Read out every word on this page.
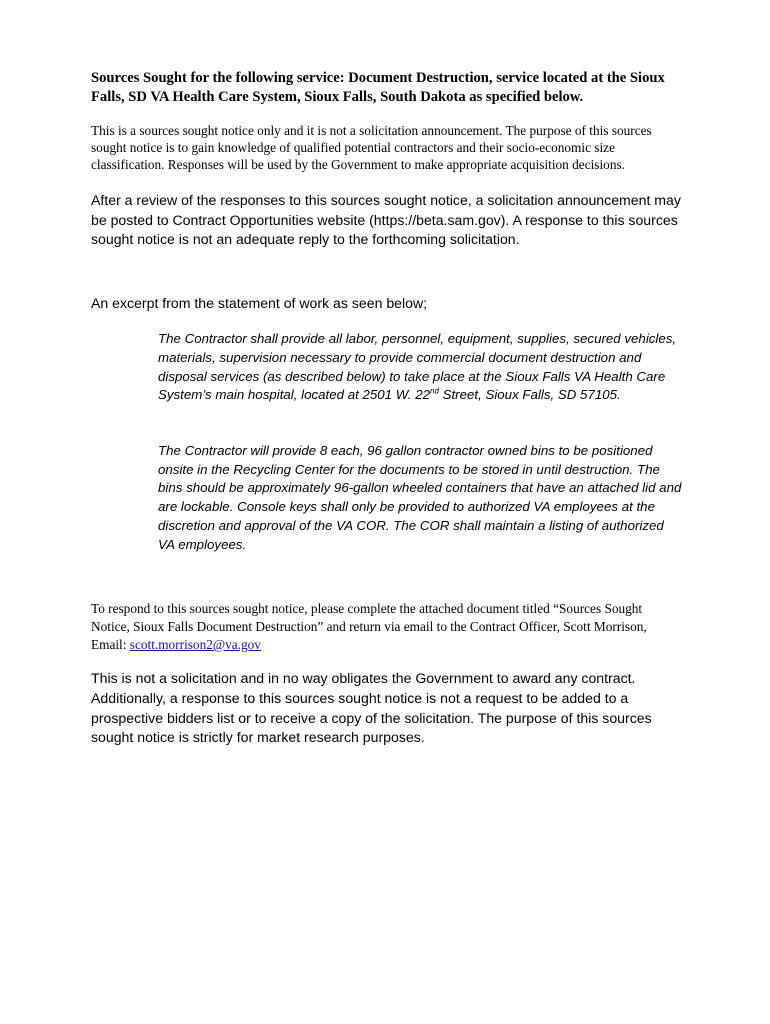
Sources Sought for the following service: Document Destruction, service located at the Sioux Falls, SD VA Health Care System, Sioux Falls, South Dakota as specified below.

This is a sources sought notice only and it is not a solicitation announcement. The purpose of this sources sought notice is to gain knowledge of qualified potential contractors and their socio-economic size classification. Responses will be used by the Government to make appropriate acquisition decisions.

After a review of the responses to this sources sought notice, a solicitation announcement may be posted to Contract Opportunities website (https://beta.sam.gov). A response to this sources sought notice is not an adequate reply to the forthcoming solicitation.

An excerpt from the statement of work as seen below;

The Contractor shall provide all labor, personnel, equipment, supplies, secured vehicles, materials, supervision necessary to provide commercial document destruction and disposal services (as described below) to take place at the Sioux Falls VA Health Care System’s main hospital, located at 2501 W. 22nd Street, Sioux Falls, SD 57105.

The Contractor will provide 8 each, 96 gallon contractor owned bins to be positioned onsite in the Recycling Center for the documents to be stored in until destruction. The bins should be approximately 96-gallon wheeled containers that have an attached lid and are lockable. Console keys shall only be provided to authorized VA employees at the discretion and approval of the VA COR. The COR shall maintain a listing of authorized VA employees.

To respond to this sources sought notice, please complete the attached document titled “Sources Sought Notice, Sioux Falls Document Destruction” and return via email to the Contract Officer, Scott Morrison, Email: scott.morrison2@va.gov

This is not a solicitation and in no way obligates the Government to award any contract. Additionally, a response to this sources sought notice is not a request to be added to a prospective bidders list or to receive a copy of the solicitation. The purpose of this sources sought notice is strictly for market research purposes.
